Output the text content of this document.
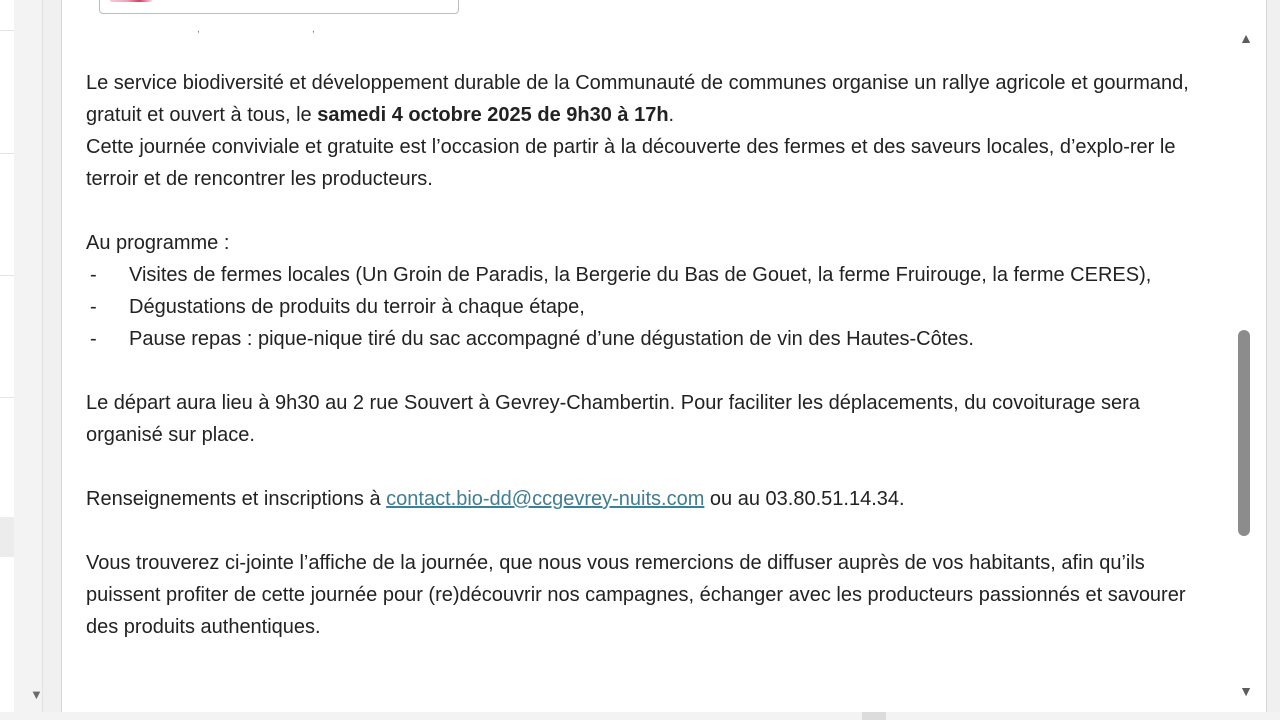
▼
,	,

Le service biodiversité et développement durable de la Communauté de communes organise un rallye agricole et gourmand, gratuit et ouvert à tous, le samedi 4 octobre 2025 de 9h30 à 17h.

Cette journée conviviale et gratuite est l’occasion de partir à la découverte des fermes et des saveurs locales, d’explo-rer le terroir et de rencontrer les producteurs.

Au programme :

- Visites de fermes locales (Un Groin de Paradis, la Bergerie du Bas de Gouet, la ferme Fruirouge, la ferme CERES),
- Dégustations de produits du terroir à chaque étape,
- Pause repas : pique-nique tiré du sac accompagné d’une dégustation de vin des Hautes-Côtes.

Le départ aura lieu à 9h30 au 2 rue Souvert à Gevrey-Chambertin. Pour faciliter les déplacements, du covoiturage sera organisé sur place.

Renseignements et inscriptions à contact.bio-dd@ccgevrey-nuits.com ou au 03.80.51.14.34.

Vous trouverez ci-jointe l’affiche de la journée, que nous vous remercions de diffuser auprès de vos habitants, afin qu’ils puissent profiter de cette journée pour (re)découvrir nos campagnes, échanger avec les producteurs passionnés et savourer des produits authentiques.

▲
▼
